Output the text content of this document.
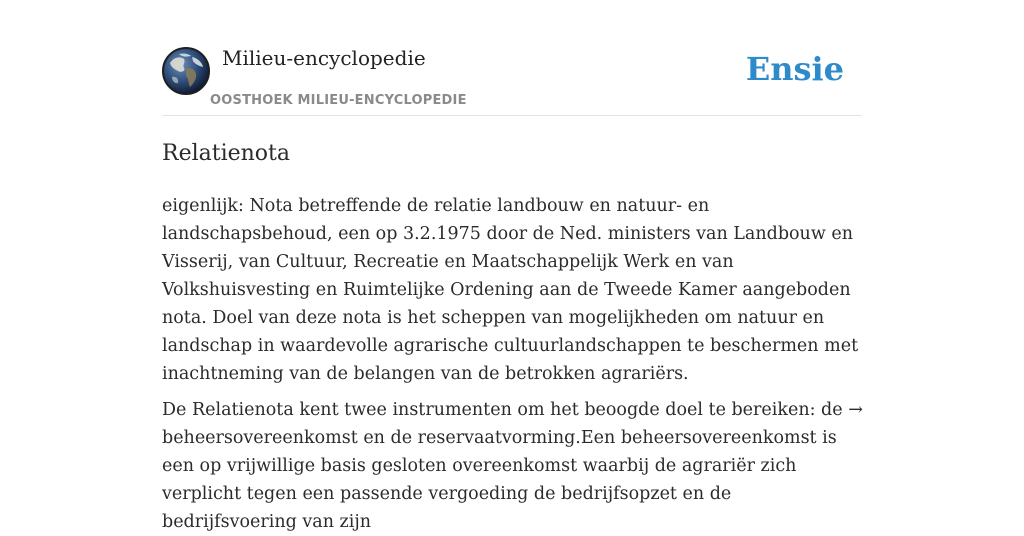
Milieu-encyclopedie
OOSTHOEK MILIEU-ENCYCLOPEDIE
Ensie
Relatienota

eigenlijk: Nota betreffende de relatie landbouw en natuur- en landschapsbehoud, een op 3.2.1975 door de Ned. ministers van Landbouw en Visserij, van Cultuur, Recreatie en Maatschappelijk Werk en van Volkshuisvesting en Ruimtelijke Ordening aan de Tweede Kamer aangeboden nota. Doel van deze nota is het scheppen van mogelijkheden om natuur en landschap in waardevolle agrarische cultuurlandschappen te beschermen met inachtneming van de belangen van de betrokken agrariërs.

De Relatienota kent twee instrumenten om het beoogde doel te bereiken: de → beheersovereenkomst en de reservaatvorming.Een beheersovereenkomst is een op vrijwillige basis gesloten overeenkomst waarbij de agrariër zich verplicht tegen een passende vergoeding de bedrijfsopzet en de bedrijfsvoering van zijn
